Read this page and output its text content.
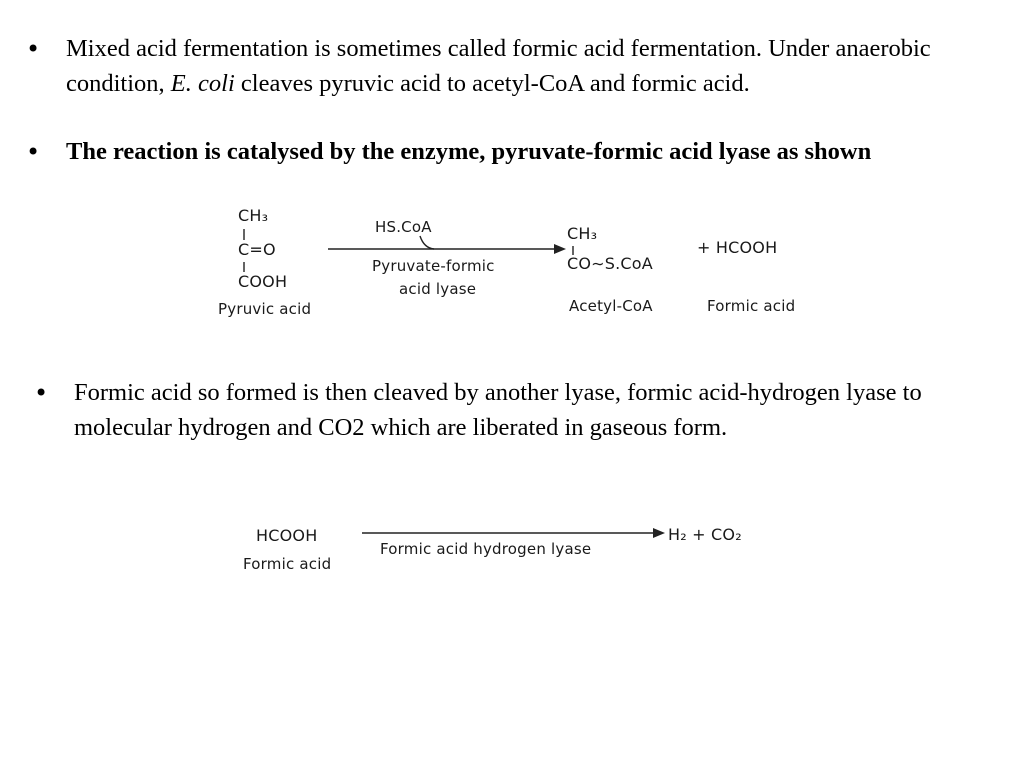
•	Mixed acid fermentation is sometimes called formic acid fermentation. Under anaerobic condition, E. coli cleaves pyruvic acid to acetyl-CoA and formic acid.
•	The reaction is catalysed by the enzyme, pyruvate-formic acid lyase as shown
CH₃
C=O
COOH
Pyruvic acid
HS.CoA
Pyruvate-formic
acid lyase
CH₃
CO∼S.CoA
Acetyl-CoA
+ HCOOH
Formic acid
•	Formic acid so formed is then cleaved by another lyase, formic acid-hydrogen lyase to molecular hydrogen and CO2 which are liberated in gaseous form.
HCOOH
Formic acid
Formic acid hydrogen lyase
H₂ + CO₂
